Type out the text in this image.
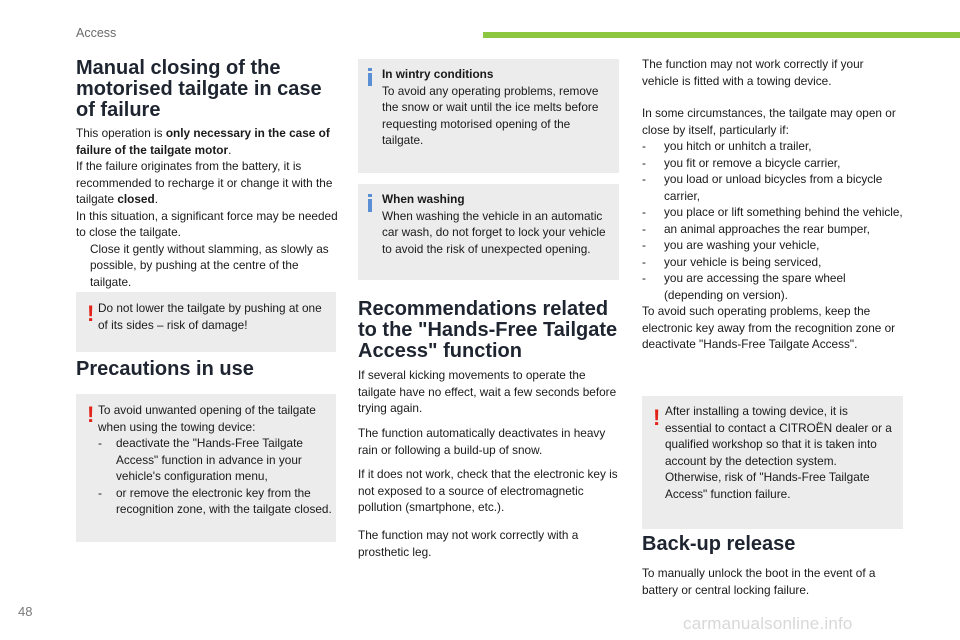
Access
Manual closing of the motorised tailgate in case of failure

This operation is only necessary in the case of failure of the tailgate motor.

If the failure originates from the battery, it is recommended to recharge it or change it with the tailgate closed.

In this situation, a significant force may be needed to close the tailgate.

Close it gently without slamming, as slowly as possible, by pushing at the centre of the tailgate.
! Do not lower the tailgate by pushing at one of its sides – risk of damage!
Precautions in use
! To avoid unwanted opening of the tailgate when using the towing device:
-	deactivate the "Hands-Free Tailgate Access" function in advance in your vehicle's configuration menu,
-	or remove the electronic key from the recognition zone, with the tailgate closed.
In wintry conditions
To avoid any operating problems, remove the snow or wait until the ice melts before requesting motorised opening of the tailgate.
When washing
When washing the vehicle in an automatic car wash, do not forget to lock your vehicle to avoid the risk of unexpected opening.
Recommendations related
to the "Hands-Free Tailgate
Access" function
If several kicking movements to operate the tailgate have no effect, wait a few seconds before trying again.
The function automatically deactivates in heavy rain or following a build-up of snow.
If it does not work, check that the electronic key is not exposed to a source of electromagnetic pollution (smartphone, etc.).
The function may not work correctly with a prosthetic leg.
The function may not work correctly if your vehicle is fitted with a towing device.
In some circumstances, the tailgate may open or close by itself, particularly if:
-	you hitch or unhitch a trailer,
-	you fit or remove a bicycle carrier,
-	you load or unload bicycles from a bicycle carrier,
-	you place or lift something behind the vehicle,
-	an animal approaches the rear bumper,
-	you are washing your vehicle,
-	your vehicle is being serviced,
-	you are accessing the spare wheel (depending on version).
To avoid such operating problems, keep the electronic key away from the recognition zone or deactivate "Hands-Free Tailgate Access".
! After installing a towing device, it is essential to contact a CITROËN dealer or a qualified workshop so that it is taken into account by the detection system. Otherwise, risk of "Hands-Free Tailgate Access" function failure.
Back-up release
To manually unlock the boot in the event of a battery or central locking failure.
48
carmanualsonline.info
